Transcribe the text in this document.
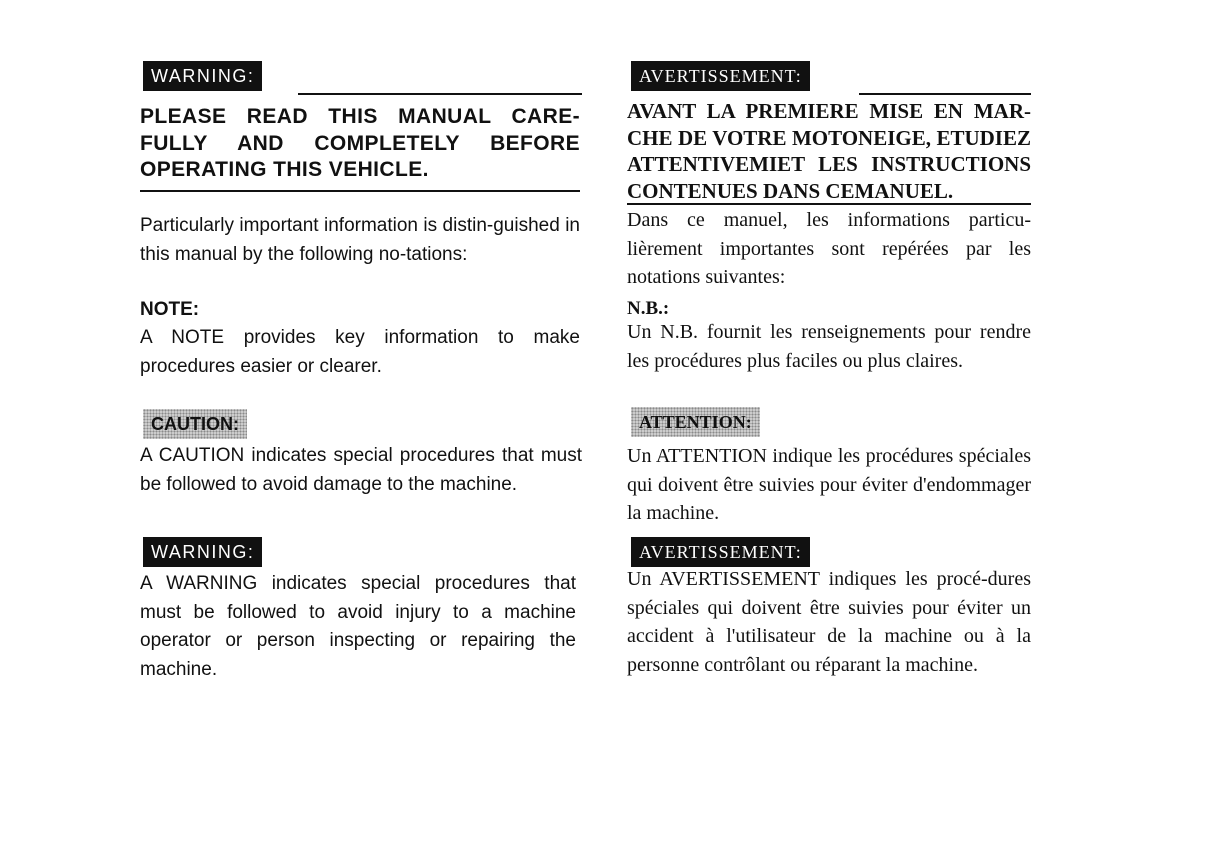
WARNING:

PLEASE READ THIS MANUAL CARE-FULLY AND COMPLETELY BEFORE OPERATING THIS VEHICLE.

Particularly important information is distin-guished in this manual by the following no-tations:

NOTE:

A NOTE provides key information to make procedures easier or clearer.

CAUTION:

A CAUTION indicates special procedures that must be followed to avoid damage to the machine.

WARNING:

A WARNING indicates special procedures that must be followed to avoid injury to a machine operator or person inspecting or repairing the machine.

AVERTISSEMENT:

AVANT LA PREMIERE MISE EN MAR-CHE DE VOTRE MOTONEIGE, ETUDIEZ ATTENTIVEMIET LES INSTRUCTIONS CONTENUES DANS CEMANUEL.

Dans ce manuel, les informations particu-lièrement importantes sont repérées par les notations suivantes:

N.B.:

Un N.B. fournit les renseignements pour rendre les procédures plus faciles ou plus claires.

ATTENTION:

Un ATTENTION indique les procédures spéciales qui doivent être suivies pour éviter d'endommager la machine.

AVERTISSEMENT:

Un AVERTISSEMENT indiques les procé-dures spéciales qui doivent être suivies pour éviter un accident à l'utilisateur de la machine ou à la personne contrôlant ou réparant la machine.
